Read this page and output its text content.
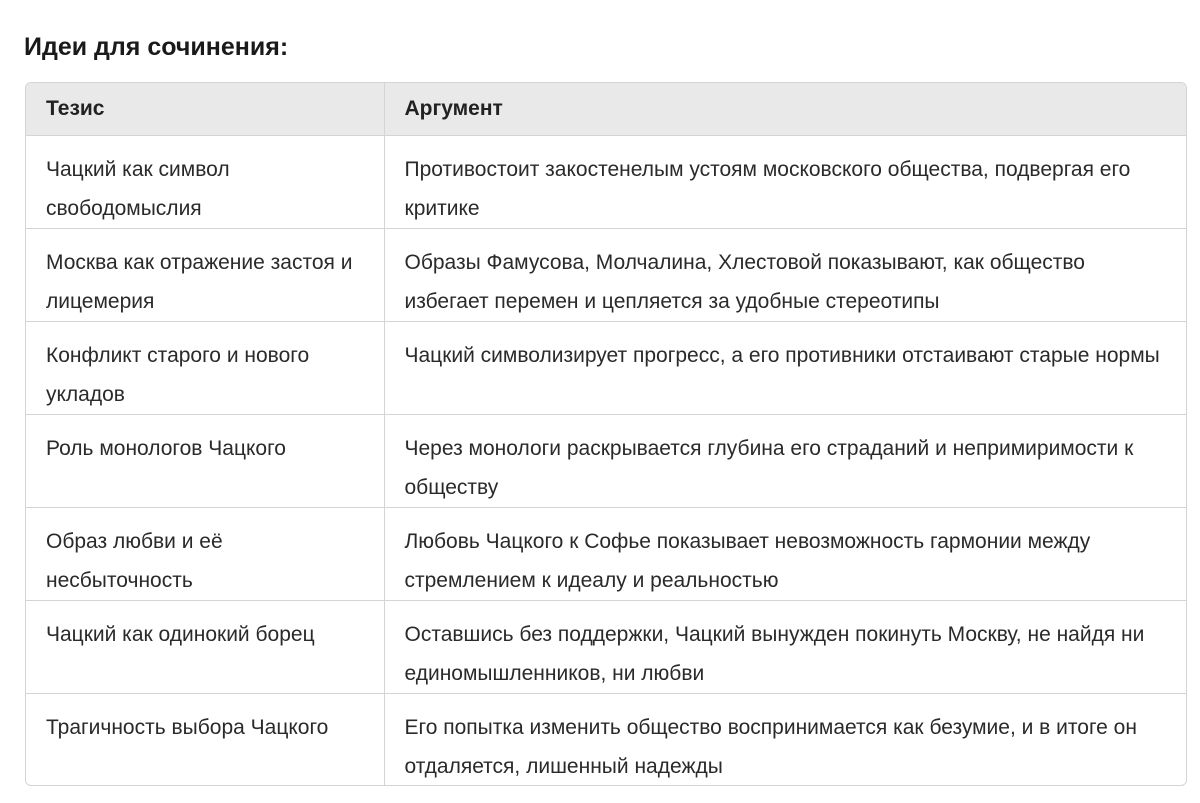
Идеи для сочинения:
Тезис	Аргумент
Чацкий как символ свободомыслия	Противостоит закостенелым устоям московского общества, подвергая его критике
Москва как отражение застоя и лицемерия	Образы Фамусова, Молчалина, Хлестовой показывают, как общество избегает перемен и цепляется за удобные стереотипы
Конфликт старого и нового укладов	Чацкий символизирует прогресс, а его противники отстаивают старые нормы
Роль монологов Чацкого	Через монологи раскрывается глубина его страданий и непримиримости к обществу
Образ любви и её несбыточность	Любовь Чацкого к Софье показывает невозможность гармонии между стремлением к идеалу и реальностью
Чацкий как одинокий борец	Оставшись без поддержки, Чацкий вынужден покинуть Москву, не найдя ни единомышленников, ни любви
Трагичность выбора Чацкого	Его попытка изменить общество воспринимается как безумие, и в итоге он отдаляется, лишенный надежды
